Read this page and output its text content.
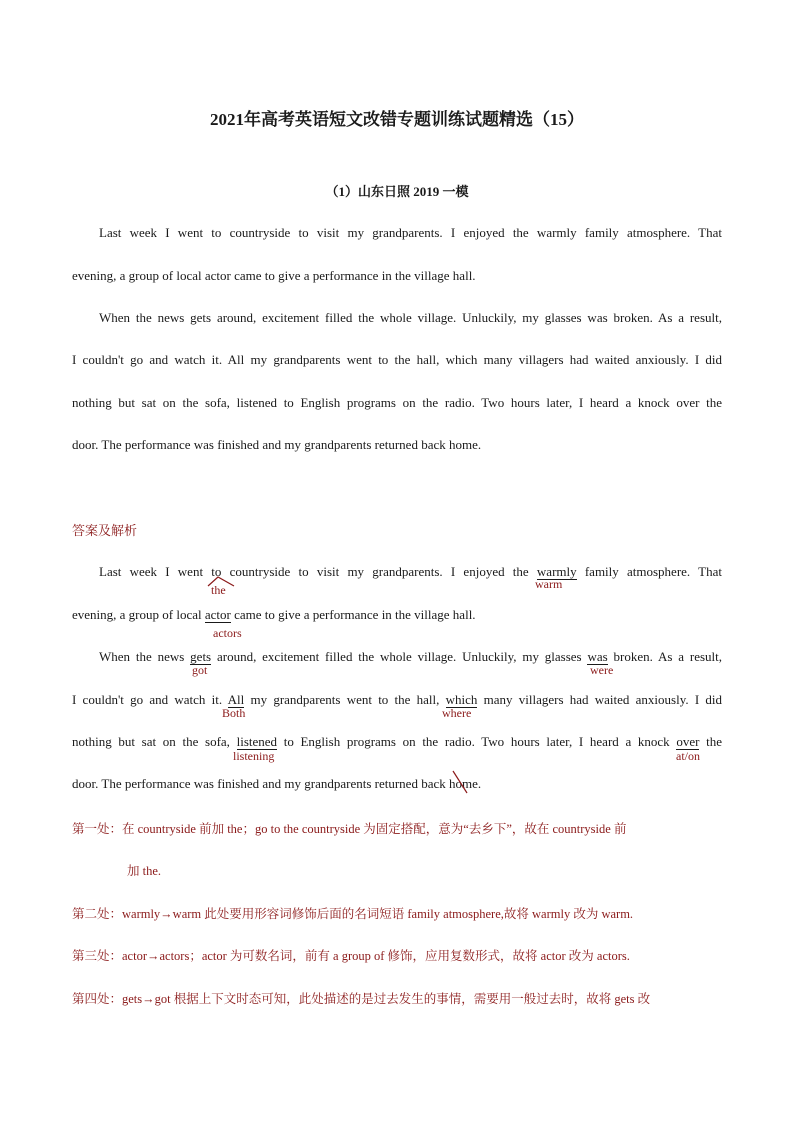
2021年高考英语短文改错专题训练试题精选（15）
（1）山东日照 2019 一模
Last week I went to countryside to visit my grandparents. I enjoyed the warmly family atmosphere. That
evening, a group of local actor came to give a performance in the village hall.
When the news gets around, excitement filled the whole village. Unluckily, my glasses was broken. As a result,
I couldn't go and watch it. All my grandparents went to the hall, which many villagers had waited anxiously. I did
nothing but sat on the sofa, listened to English programs on the radio. Two hours later, I heard a knock over the
door. The performance was finished and my grandparents returned back home.
答案及解析
Last week I went to countryside to visit my grandparents. I enjoyed the warmly family atmosphere. That
evening, a group of local actor came to give a performance in the village hall.
When the news gets around, excitement filled the whole village. Unluckily, my glasses was broken. As a result,
I couldn't go and watch it. All my grandparents went to the hall, which many villagers had waited anxiously. I did
nothing but sat on the sofa, listened to English programs on the radio. Two hours later, I heard a knock over the
door. The performance was finished and my grandparents returned back home.
the	warm
actors
got	were
Both	where
listening	at/on
第一处：在 countryside 前加 the；go to the countryside 为固定搭配，意为“去乡下”，故在 countryside 前
加 the.
第二处：warmly→warm 此处要用形容词修饰后面的名词短语 family atmosphere,故将 warmly 改为 warm.
第三处：actor→actors；actor 为可数名词，前有 a group of 修饰，应用复数形式，故将 actor 改为 actors.
第四处：gets→got 根据上下文时态可知，此处描述的是过去发生的事情，需要用一般过去时，故将 gets 改
